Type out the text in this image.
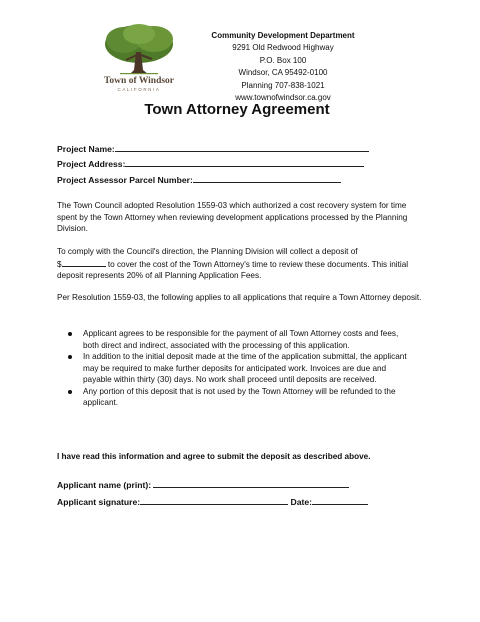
Town of Windsor
CALIFORNIA
Community Development Department
9291 Old Redwood Highway
P.O. Box 100
Windsor, CA 95492-0100
Planning 707-838-1021
www.townofwindsor.ca.gov
Town Attorney Agreement
Project Name:
Project Address:
Project Assessor Parcel Number:

The Town Council adopted Resolution 1559-03 which authorized a cost recovery system for time spent by the Town Attorney when reviewing development applications processed by the Planning Division.

To comply with the Council's direction, the Planning Division will collect a deposit of
$	to cover the cost of the Town Attorney's time to review these documents. This initial deposit represents 20% of all Planning Application Fees.

Per Resolution 1559-03, the following applies to all applications that require a Town Attorney deposit.

Applicant agrees to be responsible for the payment of all Town Attorney costs and fees, both direct and indirect, associated with the processing of this application.
In addition to the initial deposit made at the time of the application submittal, the applicant may be required to make further deposits for anticipated work. Invoices are due and payable within thirty (30) days. No work shall proceed until deposits are received.
Any portion of this deposit that is not used by the Town Attorney will be refunded to the applicant.
I have read this information and agree to submit the deposit as described above.
Applicant name (print):
Applicant signature:	Date:
